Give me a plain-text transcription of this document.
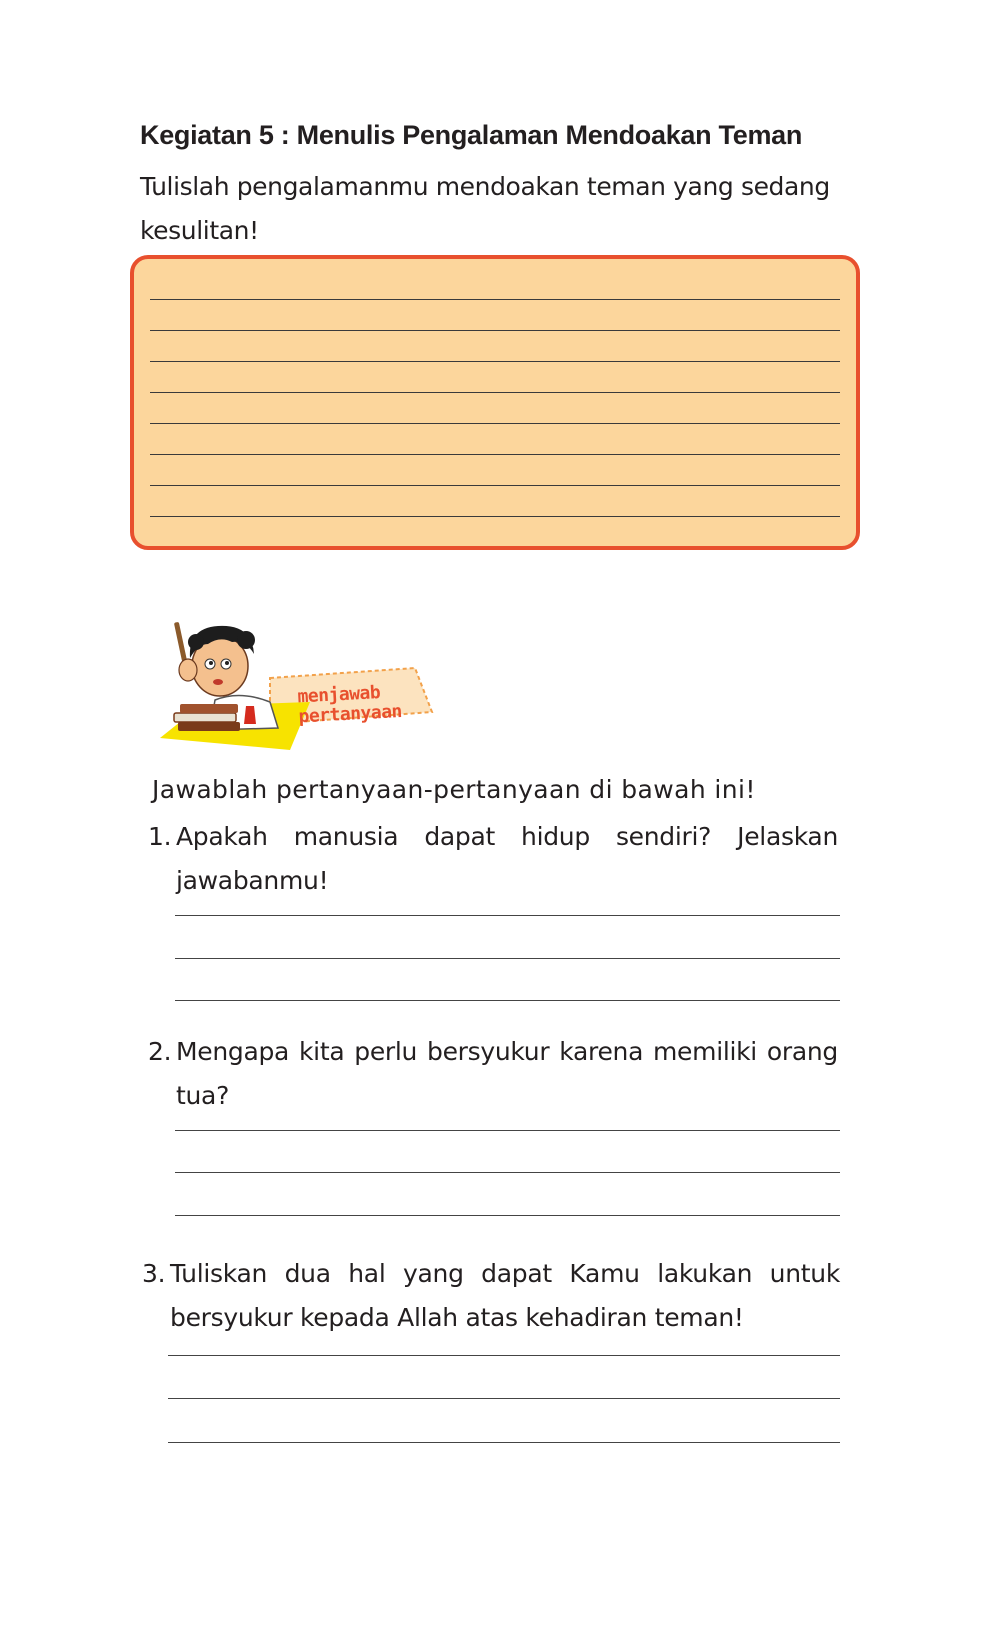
Kegiatan 5 : Menulis Pengalaman Mendoakan Teman
Tulislah pengalamanmu mendoakan teman yang sedang kesulitan!
menjawab
pertanyaan
Jawablah pertanyaan-pertanyaan di bawah ini!
1. Apakah manusia dapat hidup sendiri? Jelaskan jawabanmu!
2. Mengapa kita perlu bersyukur karena memiliki orang tua?
3. Tuliskan dua hal yang dapat Kamu lakukan untuk bersyukur kepada Allah atas kehadiran teman!
